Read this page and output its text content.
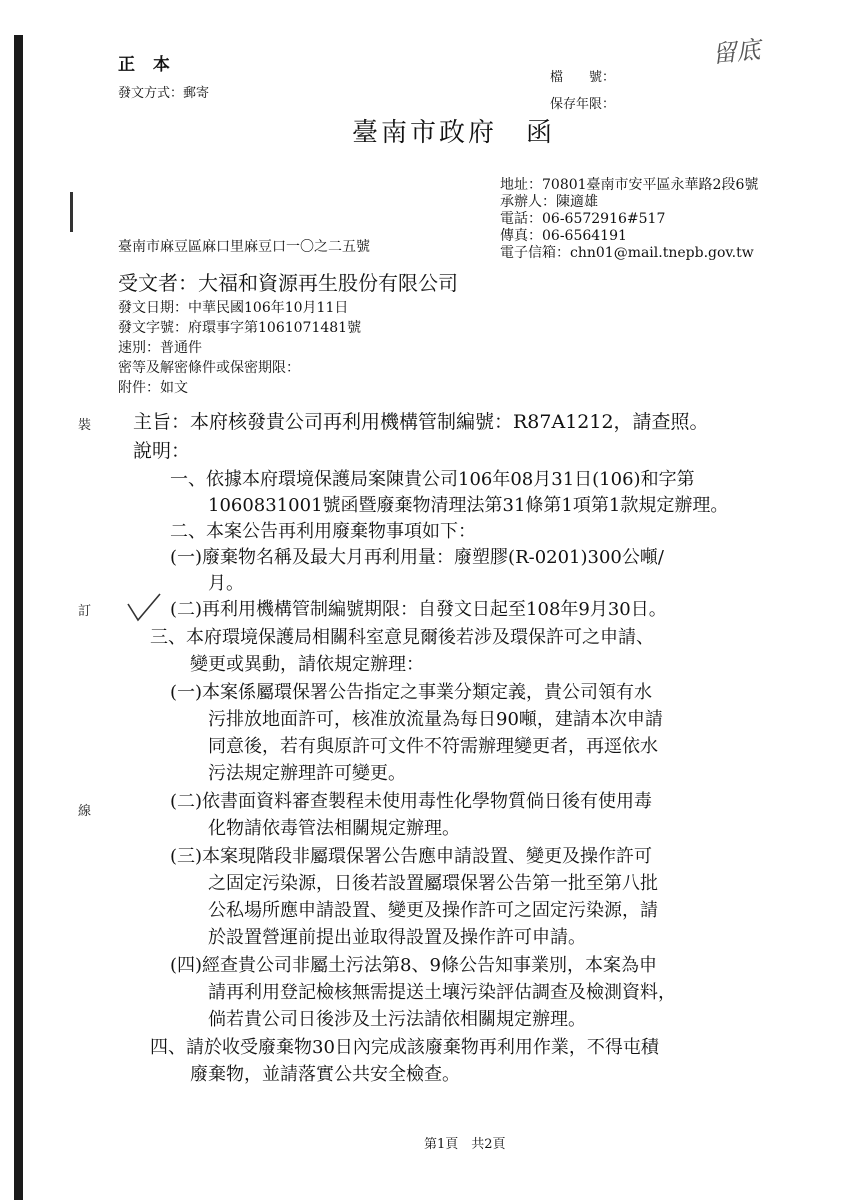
正 本
發文方式：郵寄
檔　　號：
保存年限：
留底
臺南市政府　函
地址：70801臺南市安平區永華路2段6號
承辦人：陳適雄
電話：06-6572916#517
傳真：06-6564191
電子信箱：chn01@mail.tnepb.gov.tw
臺南市麻豆區麻口里麻豆口一〇之二五號
受文者：大福和資源再生股份有限公司
發文日期：中華民國106年10月11日
發文字號：府環事字第1061071481號
速別：普通件
密等及解密條件或保密期限：
附件：如文
裝
訂
線
主旨：本府核發貴公司再利用機構管制編號：R87A1212，請查照。
說明：
一、依據本府環境保護局案陳貴公司106年08月31日(106)和字第
1060831001號函暨廢棄物清理法第31條第1項第1款規定辦理。
二、本案公告再利用廢棄物事項如下：
(一)廢棄物名稱及最大月再利用量：廢塑膠(R-0201)300公噸/
月。
(二)再利用機構管制編號期限：自發文日起至108年9月30日。
三、本府環境保護局相關科室意見爾後若涉及環保許可之申請、
變更或異動，請依規定辦理：
(一)本案係屬環保署公告指定之事業分類定義，貴公司領有水
污排放地面許可，核准放流量為每日90噸，建請本次申請
同意後，若有與原許可文件不符需辦理變更者，再逕依水
污法規定辦理許可變更。
(二)依書面資料審查製程未使用毒性化學物質倘日後有使用毒
化物請依毒管法相關規定辦理。
(三)本案現階段非屬環保署公告應申請設置、變更及操作許可
之固定污染源，日後若設置屬環保署公告第一批至第八批
公私場所應申請設置、變更及操作許可之固定污染源，請
於設置營運前提出並取得設置及操作許可申請。
(四)經查貴公司非屬土污法第8、9條公告知事業別，本案為申
請再利用登記檢核無需提送土壤污染評估調查及檢測資料，
倘若貴公司日後涉及土污法請依相關規定辦理。
四、請於收受廢棄物30日內完成該廢棄物再利用作業，不得屯積
廢棄物，並請落實公共安全檢查。
第1頁　共2頁
